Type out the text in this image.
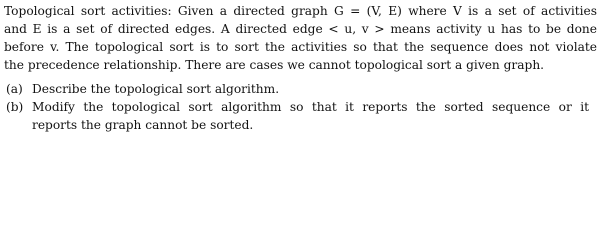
Topological sort activities: Given a directed graph G = (V, E) where V is a set of activities
and E is a set of directed edges. A directed edge < u, v > means activity u has to be done
before v. The topological sort is to sort the activities so that the sequence does not violate
the precedence relationship. There are cases we cannot topological sort a given graph.

(a) Describe the topological sort algorithm.
(b) Modify the topological sort algorithm so that it reports the sorted sequence or it
reports the graph cannot be sorted.
